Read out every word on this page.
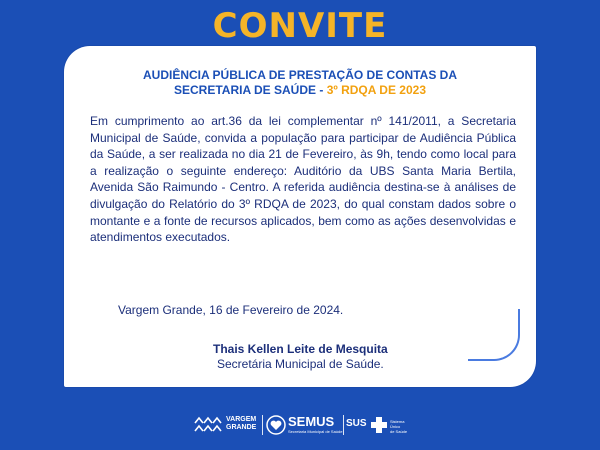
CONVITE
AUDIÊNCIA PÚBLICA DE PRESTAÇÃO DE CONTAS DA
SECRETARIA DE SAÚDE - 3º RDQA DE 2023
Em cumprimento ao art.36 da lei complementar nº 141/2011, a Secretaria Municipal de Saúde, convida a população para participar de Audiência Pública da Saúde, a ser realizada no dia 21 de Fevereiro, às 9h, tendo como local para a realização o seguinte endereço: Auditório da UBS Santa Maria Bertila, Avenida São Raimundo - Centro. A referida audiência destina-se à análises de divulgação do Relatório do 3º RDQA de 2023, do qual constam dados sobre o montante e a fonte de recursos aplicados, bem como as ações desenvolvidas e atendimentos executados.
Vargem Grande, 16 de Fevereiro de 2024.
Thais Kellen Leite de Mesquita
Secretária Municipal de Saúde.
VARGEM
GRANDE SEMUS
Secretaria Municipal de Saúde
SUS	Sistema
Único
de Saúde
